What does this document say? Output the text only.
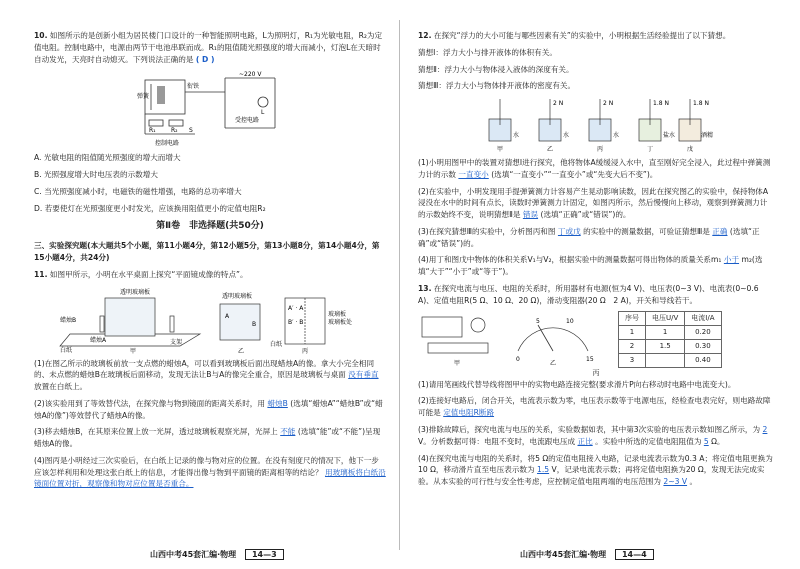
10. 如图所示的是创新小组为居民楼门口设计的一种智能照明电路，L为照明灯，R₁为光敏电阻，R₂为定值电阻。控制电路中，电源由两节干电池串联而成。R₁的阻值随光照强度的增大而减小，灯泡L在天暗时自动发光，天亮时自动熄灭。下列说法正确的是 ( D )

弹簧
衔铁
R₁	R₂ S
~220 V
L
受控电路
控制电路

A. 光敏电阻的阻值随光照强度的增大而增大

B. 光照强度增大时电压表的示数增大

C. 当光照强度减小时，电磁铁的磁性增强，电路的总功率增大

D. 若要使灯在光照强度更小时发光，应该换用阻值更小的定值电阻R₂

第Ⅱ卷　非选择题(共50分)

三、实验探究题(本大题共5个小题，第11小题4分，第12小题5分，第13小题8分，第14小题4分，第15小题4分，共24分)

11. 如图甲所示，小明在水平桌面上探究“平面镜成像的特点”。

透明玻璃板
蜡烛B
蜡烛A
白纸
支架
甲
透明玻璃板
A
B
乙
A′ · A
B′ · B
白纸
玻璃板
玻璃板处
丙

(1)在图乙所示的玻璃板前放一支点燃的蜡烛A，可以看到玻璃板后面出现蜡烛A的像。拿大小完全相同的、未点燃的蜡烛B在玻璃板后面移动，发现无法让B与A的像完全重合，原因是玻璃板与桌面 没有垂直 放置在白纸上。

(2)该实验用到了等效替代法，在探究像与物到镜面的距离关系时，用 蜡烛B (选填“蜡烛A”“蜡烛B”或“蜡烛A的像”)等效替代了蜡烛A的像。

(3)移去蜡烛B，在其原来位置上放一光屏，透过玻璃板观察光屏，光屏上 不能 (选填“能”或“不能”)呈现蜡烛A的像。

(4)图丙是小明经过三次实验后，在白纸上记录的像与物对应的位置。在没有刻度尺的情况下，他下一步应该怎样利用和处理这张白纸上的信息，才能得出像与物到平面镜的距离相等的结论？ 用玻璃板将白纸沿镜面位置对折，观察像和物对应位置是否重合。

山西中考45套汇编·物理 14—3

12. 在探究“浮力的大小可能与哪些因素有关”的实验中，小明根据生活经验提出了以下猜想。

猜想Ⅰ：浮力大小与排开液体的体积有关。

猜想Ⅱ：浮力大小与物体浸入液体的深度有关。

猜想Ⅲ：浮力大小与物体排开液体的密度有关。

2 N	2 N	1.8 N	1.8 N
水	水	水	盐水	酒精
甲	乙	丙	丁	戊

(1)小明用图甲中的装置对猜想Ⅰ进行探究，他将物体A缓缓浸入水中，直至刚好完全浸入，此过程中弹簧测力计的示数 一直变小 (选填“一直变小”“一直变小”或“先变大后不变”)。

(2)在实验中，小明发现用手提弹簧测力计容易产生晃动影响读数，因此在探究图乙的实验中，保持物体A浸没在水中的时间有点长，读数时弹簧测力计固定，如图丙所示，然后慢慢向上移动，观察到弹簧测力计的示数始终不变，说明猜想Ⅱ是 错误 (选填“正确”或“错误”)的。

(3)在探究猜想Ⅲ的实验中，分析图丙和图 丁或戊 的实验中的测量数据，可验证猜想Ⅲ是 正确 (选填“正确”或“错误”)的。

(4)用丁和图戊中物体的体积关系V₁与V₂，根据实验中的测量数据可得出物体的质量关系m₁ 小于 m₂(选填“大于”“小于”或“等于”)。

13. 在探究电流与电压、电阻的关系时，所用器材有电源(恒为4 V)、电压表(0~3 V)、电流表(0~0.6 A)、定值电阻R(5 Ω、10 Ω、20 Ω)，滑动变阻器(20 Ω　2 A)，开关和导线若干。

0
5	10
15
甲	乙
序号	电压U/V	电流I/A
1	1	0.20
2	1.5	0.30
3		0.40
丙

(1)请用笔画线代替导线将图甲中的实物电路连接完整(要求滑片P向右移动时电路中电流变大)。

(2)连接好电路后，闭合开关，电流表示数为零，电压表示数等于电源电压，经检查电表完好，则电路故障可能是 定值电阻R断路

(3)排除故障后，探究电流与电压的关系，实验数据如表，其中第3次实验的电压表示数如图乙所示，为 2 V。分析数据可得：电阻不变时，电流跟电压成 正比 。实验中所选的定值电阻阻值为 5 Ω。

(4)在探究电流与电阻的关系时，将5 Ω的定值电阻接入电路，记录电流表示数为0.3 A；将定值电阻更换为10 Ω，移动滑片直至电压表示数为 1.5 V，记录电流表示数；再将定值电阻换为20 Ω，发现无法完成实验。从本实验的可行性与安全性考虑，应控制定值电阻两端的电压范围为 2~3 V 。

山西中考45套汇编·物理 14—4
